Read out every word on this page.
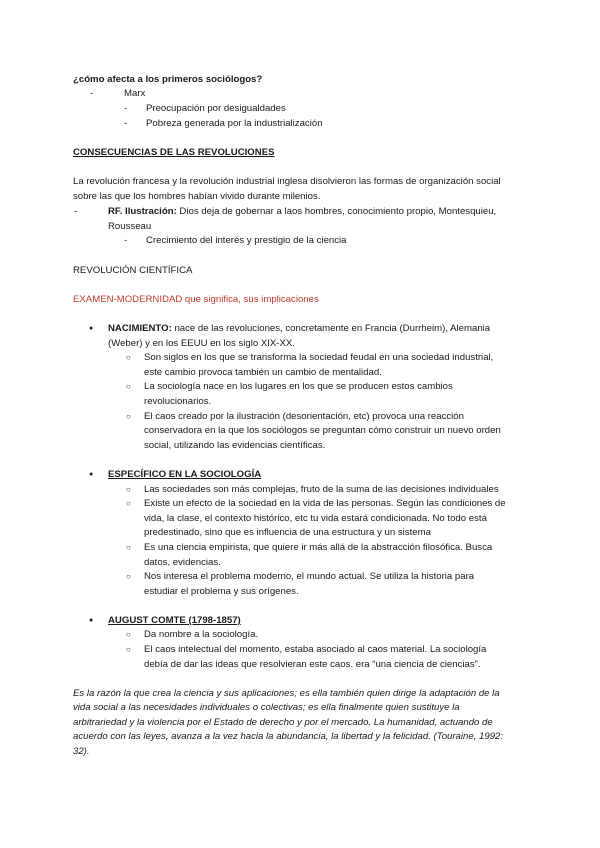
¿cómo afecta a los primeros sociólogos?
- Marx
- Preocupación por desigualdades
- Pobreza generada por la industrialización
CONSECUENCIAS DE LAS REVOLUCIONES
La revolución francesa y la revolución industrial inglesa disolvieron las formas de organización social
sobre las que los hombres habían vivido durante milenios.
- RF. Ilustración: Dios deja de gobernar a laos hombres, conocimiento propio, Montesquieu,
Rousseau
- Crecimiento del interés y prestigio de la ciencia
REVOLUCIÓN CIENTÍFICA
EXAMEN-MODERNIDAD que significa, sus implicaciones
● NACIMIENTO: nace de las revoluciones, concretamente en Francia (Durrheim), Alemania
(Weber) y en los EEUU en los siglo XIX-XX.
○ Son siglos en los que se transforma la sociedad feudal en una sociedad industrial,
este cambio provoca también un cambio de mentalidad.
○ La sociología nace en los lugares en los que se producen estos cambios
revolucionarios.
○ El caos creado por la ilustración (desorientación, etc) provoca una reacción
conservadora en la que los sociólogos se preguntan cómo construir un nuevo orden
social, utilizando las evidencias científicas.
● ESPECÍFICO EN LA SOCIOLOGÍA
○ Las sociedades son más complejas, fruto de la suma de las decisiones individuales
○ Existe un efecto de la sociedad en la vida de las personas. Según las condiciones de
vida, la clase, el contexto histórico, etc tu vida estará condicionada. No todo está
predestinado, sino que es influencia de una estructura y un sistema
○ Es una ciencia empirista, que quiere ir más allá de la abstracción filosófica. Busca
datos, evidencias.
○ Nos interesa el problema moderno, el mundo actual. Se utiliza la historia para
estudiar el problema y sus orígenes.
● AUGUST COMTE (1798-1857)
○ Da nombre a la sociología.
○ El caos intelectual del momento, estaba asociado al caos material. La sociología
debía de dar las ideas que resolvieran este caos. era “una ciencia de ciencias”.
Es la razón la que crea la ciencia y sus aplicaciones; es ella también quien dirige la adaptación de la
vida social a las necesidades individuales o colectivas; es ella finalmente quien sustituye la
arbitrariedad y la violencia por el Estado de derecho y por el mercado. La humanidad, actuando de
acuerdo con las leyes, avanza a la vez hacia la abundancia, la libertad y la felicidad. (Touraine, 1992:
32).
